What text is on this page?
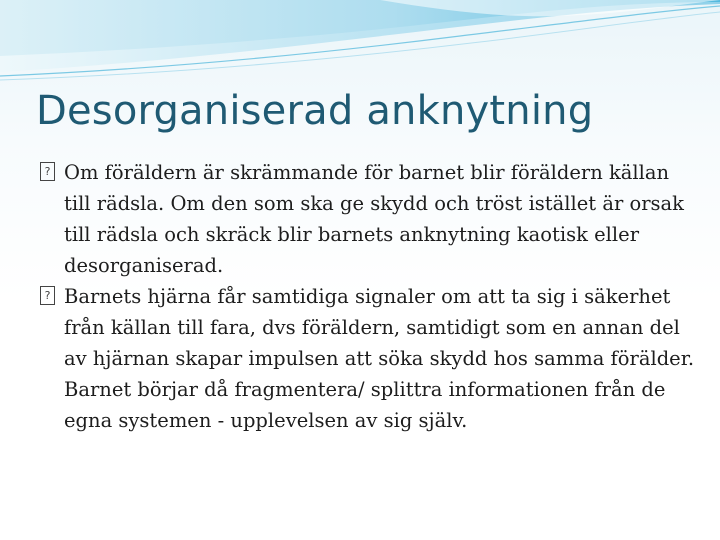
Desorganiserad anknytning

? Om föräldern är skrämmande för barnet blir föräldern källan till rädsla. Om den som ska ge skydd och tröst istället är orsak till rädsla och skräck blir barnets anknytning kaotisk eller desorganiserad.

? Barnets hjärna får samtidiga signaler om att ta sig i säkerhet från källan till fara, dvs föräldern, samtidigt som en annan del av hjärnan skapar impulsen att söka skydd hos samma förälder. Barnet börjar då fragmentera/ splittra informationen från de egna systemen - upplevelsen av sig själv.
